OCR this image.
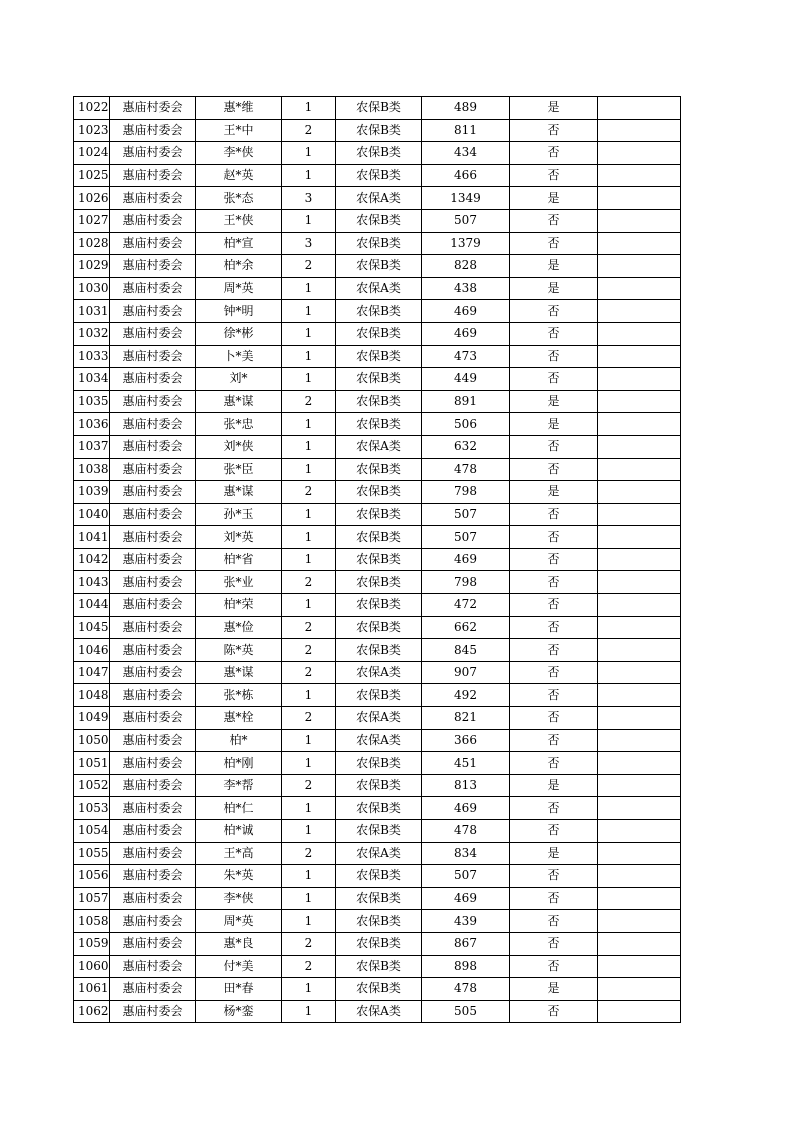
1022	惠庙村委会	惠*维	1	农保B类	489	是	
1023	惠庙村委会	王*中	2	农保B类	811	否	
1024	惠庙村委会	李*侠	1	农保B类	434	否	
1025	惠庙村委会	赵*英	1	农保B类	466	否	
1026	惠庙村委会	张*态	3	农保A类	1349	是	
1027	惠庙村委会	王*侠	1	农保B类	507	否	
1028	惠庙村委会	柏*宣	3	农保B类	1379	否	
1029	惠庙村委会	柏*余	2	农保B类	828	是	
1030	惠庙村委会	周*英	1	农保A类	438	是	
1031	惠庙村委会	钟*明	1	农保B类	469	否	
1032	惠庙村委会	徐*彬	1	农保B类	469	否	
1033	惠庙村委会	卜*美	1	农保B类	473	否	
1034	惠庙村委会	刘*	1	农保B类	449	否	
1035	惠庙村委会	惠*谋	2	农保B类	891	是	
1036	惠庙村委会	张*忠	1	农保B类	506	是	
1037	惠庙村委会	刘*侠	1	农保A类	632	否	
1038	惠庙村委会	张*臣	1	农保B类	478	否	
1039	惠庙村委会	惠*谋	2	农保B类	798	是	
1040	惠庙村委会	孙*玉	1	农保B类	507	否	
1041	惠庙村委会	刘*英	1	农保B类	507	否	
1042	惠庙村委会	柏*省	1	农保B类	469	否	
1043	惠庙村委会	张*业	2	农保B类	798	否	
1044	惠庙村委会	柏*荣	1	农保B类	472	否	
1045	惠庙村委会	惠*俭	2	农保B类	662	否	
1046	惠庙村委会	陈*英	2	农保B类	845	否	
1047	惠庙村委会	惠*谋	2	农保A类	907	否	
1048	惠庙村委会	张*栋	1	农保B类	492	否	
1049	惠庙村委会	惠*栓	2	农保A类	821	否	
1050	惠庙村委会	柏*	1	农保A类	366	否	
1051	惠庙村委会	柏*刚	1	农保B类	451	否	
1052	惠庙村委会	李*帮	2	农保B类	813	是	
1053	惠庙村委会	柏*仁	1	农保B类	469	否	
1054	惠庙村委会	柏*诚	1	农保B类	478	否	
1055	惠庙村委会	王*高	2	农保A类	834	是	
1056	惠庙村委会	朱*英	1	农保B类	507	否	
1057	惠庙村委会	李*侠	1	农保B类	469	否	
1058	惠庙村委会	周*英	1	农保B类	439	否	
1059	惠庙村委会	惠*良	2	农保B类	867	否	
1060	惠庙村委会	付*美	2	农保B类	898	否	
1061	惠庙村委会	田*春	1	农保B类	478	是	
1062	惠庙村委会	杨*銮	1	农保A类	505	否	
